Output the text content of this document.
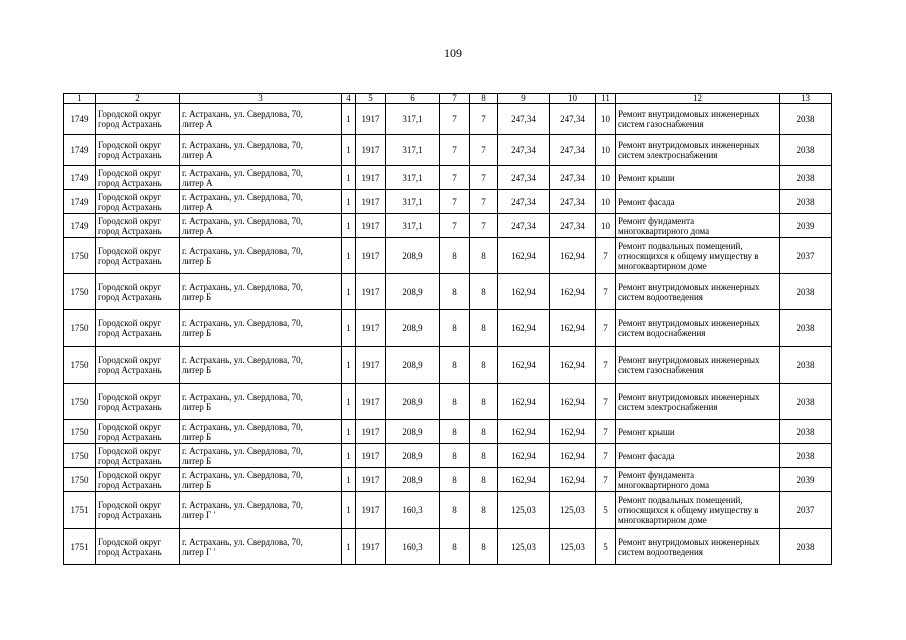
109
1	2	3	4	5	6	7	8	9	10	11	12	13
1749	Городской округ
город Астрахань	г. Астрахань, ул. Свердлова, 70,
литер А	1	1917	317,1	7	7	247,34	247,34	10	Ремонт внутридомовых инженерных
систем газоснабжения	2038
1749	Городской округ
город Астрахань	г. Астрахань, ул. Свердлова, 70,
литер А	1	1917	317,1	7	7	247,34	247,34	10	Ремонт внутридомовых инженерных
систем электроснабжения	2038
1749	Городской округ
город Астрахань	г. Астрахань, ул. Свердлова, 70,
литер А	1	1917	317,1	7	7	247,34	247,34	10	Ремонт крыши	2038
1749	Городской округ
город Астрахань	г. Астрахань, ул. Свердлова, 70,
литер А	1	1917	317,1	7	7	247,34	247,34	10	Ремонт фасада	2038
1749	Городской округ
город Астрахань	г. Астрахань, ул. Свердлова, 70,
литер А	1	1917	317,1	7	7	247,34	247,34	10	Ремонт фундамента
многоквартирного дома	2039
1750	Городской округ
город Астрахань	г. Астрахань, ул. Свердлова, 70,
литер Б	1	1917	208,9	8	8	162,94	162,94	7	Ремонт подвальных помещений,
относящихся к общему имуществу в
многоквартирном доме	2037
1750	Городской округ
город Астрахань	г. Астрахань, ул. Свердлова, 70,
литер Б	1	1917	208,9	8	8	162,94	162,94	7	Ремонт внутридомовых инженерных
систем водоотведения	2038
1750	Городской округ
город Астрахань	г. Астрахань, ул. Свердлова, 70,
литер Б	1	1917	208,9	8	8	162,94	162,94	7	Ремонт внутридомовых инженерных
систем водоснабжения	2038
1750	Городской округ
город Астрахань	г. Астрахань, ул. Свердлова, 70,
литер Б	1	1917	208,9	8	8	162,94	162,94	7	Ремонт внутридомовых инженерных
систем газоснабжения	2038
1750	Городской округ
город Астрахань	г. Астрахань, ул. Свердлова, 70,
литер Б	1	1917	208,9	8	8	162,94	162,94	7	Ремонт внутридомовых инженерных
систем электроснабжения	2038
1750	Городской округ
город Астрахань	г. Астрахань, ул. Свердлова, 70,
литер Б	1	1917	208,9	8	8	162,94	162,94	7	Ремонт крыши	2038
1750	Городской округ
город Астрахань	г. Астрахань, ул. Свердлова, 70,
литер Б	1	1917	208,9	8	8	162,94	162,94	7	Ремонт фасада	2038
1750	Городской округ
город Астрахань	г. Астрахань, ул. Свердлова, 70,
литер Б	1	1917	208,9	8	8	162,94	162,94	7	Ремонт фундамента
многоквартирного дома	2039
1751	Городской округ
город Астрахань	г. Астрахань, ул. Свердлова, 70,
литер Г '	1	1917	160,3	8	8	125,03	125,03	5	Ремонт подвальных помещений,
относящихся к общему имуществу в
многоквартирном доме	2037
1751	Городской округ
город Астрахань	г. Астрахань, ул. Свердлова, 70,
литер Г '	1	1917	160,3	8	8	125,03	125,03	5	Ремонт внутридомовых инженерных
систем водоотведения	2038
